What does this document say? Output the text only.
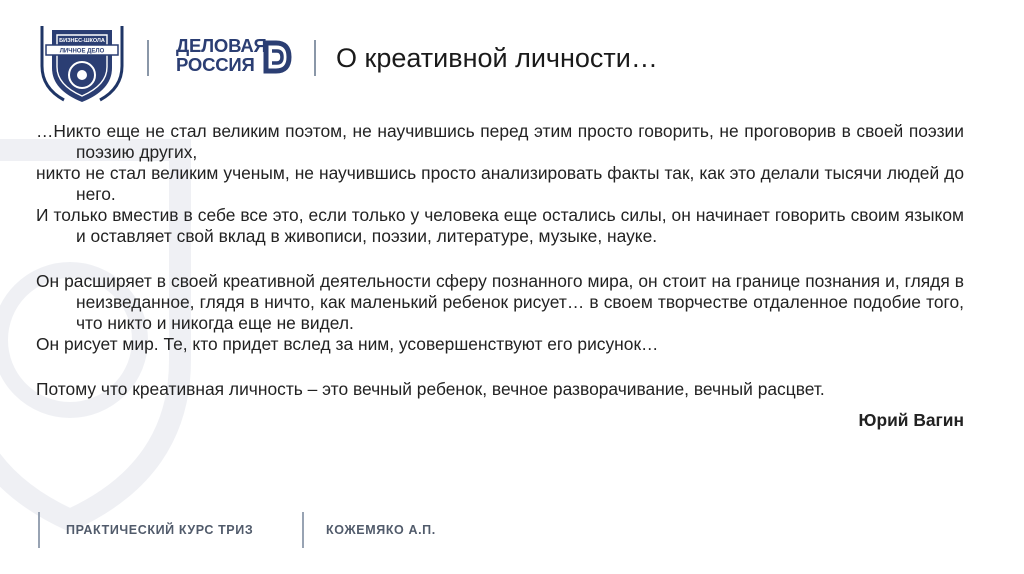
БИЗНЕС-ШКОЛА
ЛИЧНОЕ ДЕЛО	ДЕЛОВАЯ
РОССИЯ	О креативной личности…

…Никто еще не стал великим поэтом, не научившись перед этим просто говорить, не проговорив в своей поэзии поэзию других,

никто не стал великим ученым, не научившись просто анализировать факты так, как это делали тысячи людей до него.

И только вместив в себе все это, если только у человека еще остались силы, он начинает говорить своим языком и оставляет свой вклад в живописи, поэзии, литературе, музыке, науке.

Он расширяет в своей креативной деятельности сферу познанного мира, он стоит на границе познания и, глядя в неизведанное, глядя в ничто, как маленький ребенок рисует… в своем творчестве отдаленное подобие того, что никто и никогда еще не видел.

Он рисует мир. Те, кто придет вслед за ним, усовершенствуют его рисунок…

Потому что креативная личность – это вечный ребенок, вечное разворачивание, вечный расцвет.

Юрий Вагин
ПРАКТИЧЕСКИЙ КУРС ТРИЗ	КОЖЕМЯКО А.П.
